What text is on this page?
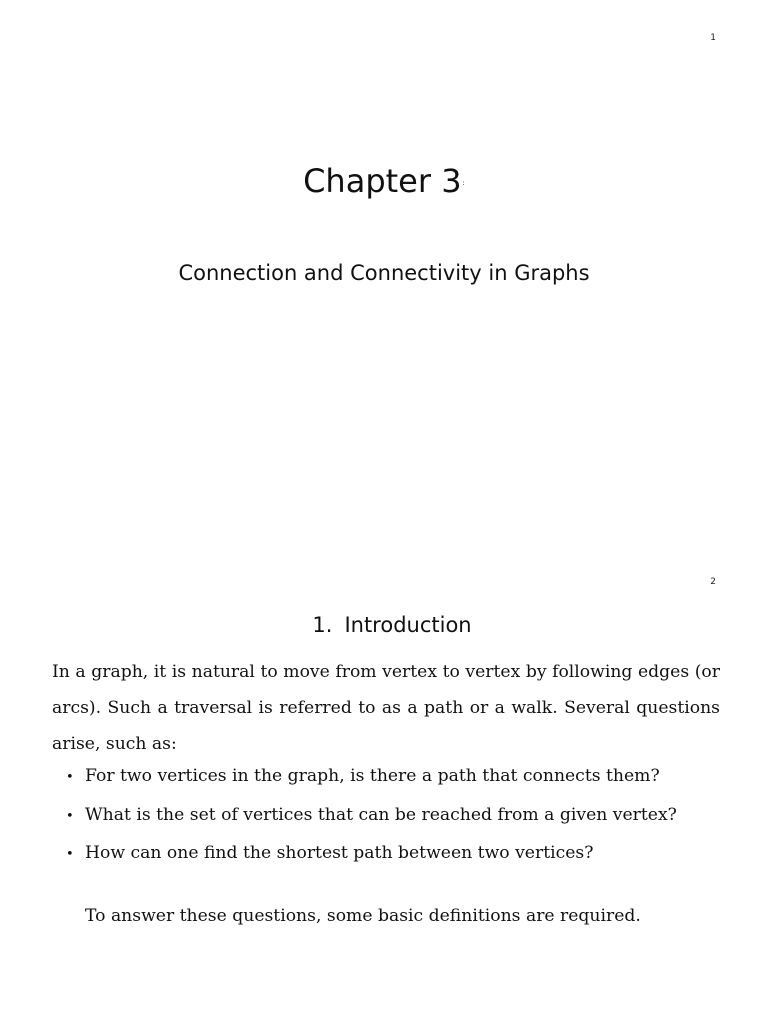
1
Chapter 3:
Connection and Connectivity in Graphs
2
1. Introduction

In a graph, it is natural to move from vertex to vertex by following edges (or arcs). Such a traversal is referred to as a path or a walk. Several questions arise, such as:

• For two vertices in the graph, is there a path that connects them?
• What is the set of vertices that can be reached from a given vertex?
• How can one find the shortest path between two vertices?

To answer these questions, some basic definitions are required.
